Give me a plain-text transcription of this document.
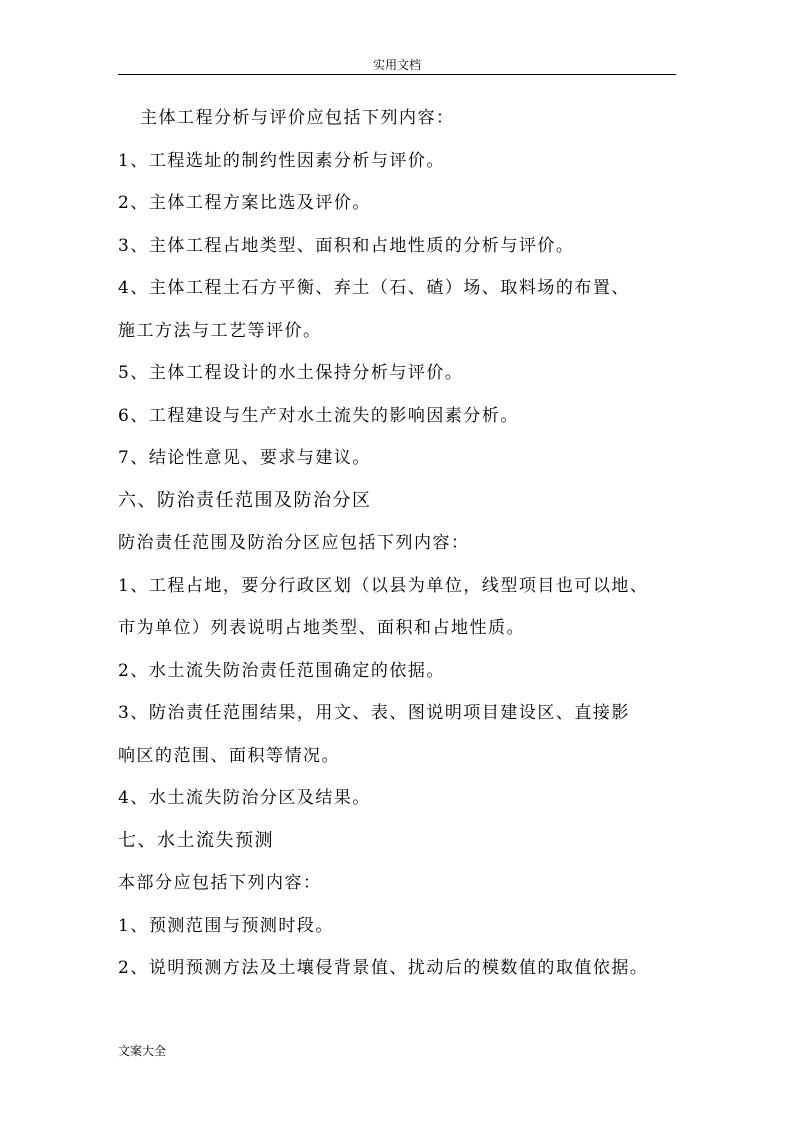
实用文档
主体工程分析与评价应包括下列内容：
1、工程选址的制约性因素分析与评价。
2、主体工程方案比选及评价。
3、主体工程占地类型、面积和占地性质的分析与评价。
4、主体工程土石方平衡、弃土（石、碴）场、取料场的布置、
施工方法与工艺等评价。
5、主体工程设计的水土保持分析与评价。
6、工程建设与生产对水土流失的影响因素分析。
7、结论性意见、要求与建议。
六、防治责任范围及防治分区
防治责任范围及防治分区应包括下列内容：
1、工程占地，要分行政区划（以县为单位，线型项目也可以地、
市为单位）列表说明占地类型、面积和占地性质。
2、水土流失防治责任范围确定的依据。
3、防治责任范围结果，用文、表、图说明项目建设区、直接影
响区的范围、面积等情况。
4、水土流失防治分区及结果。
七、水土流失预测
本部分应包括下列内容：
1、预测范围与预测时段。
2、说明预测方法及土壤侵背景值、扰动后的模数值的取值依据。
文案大全
